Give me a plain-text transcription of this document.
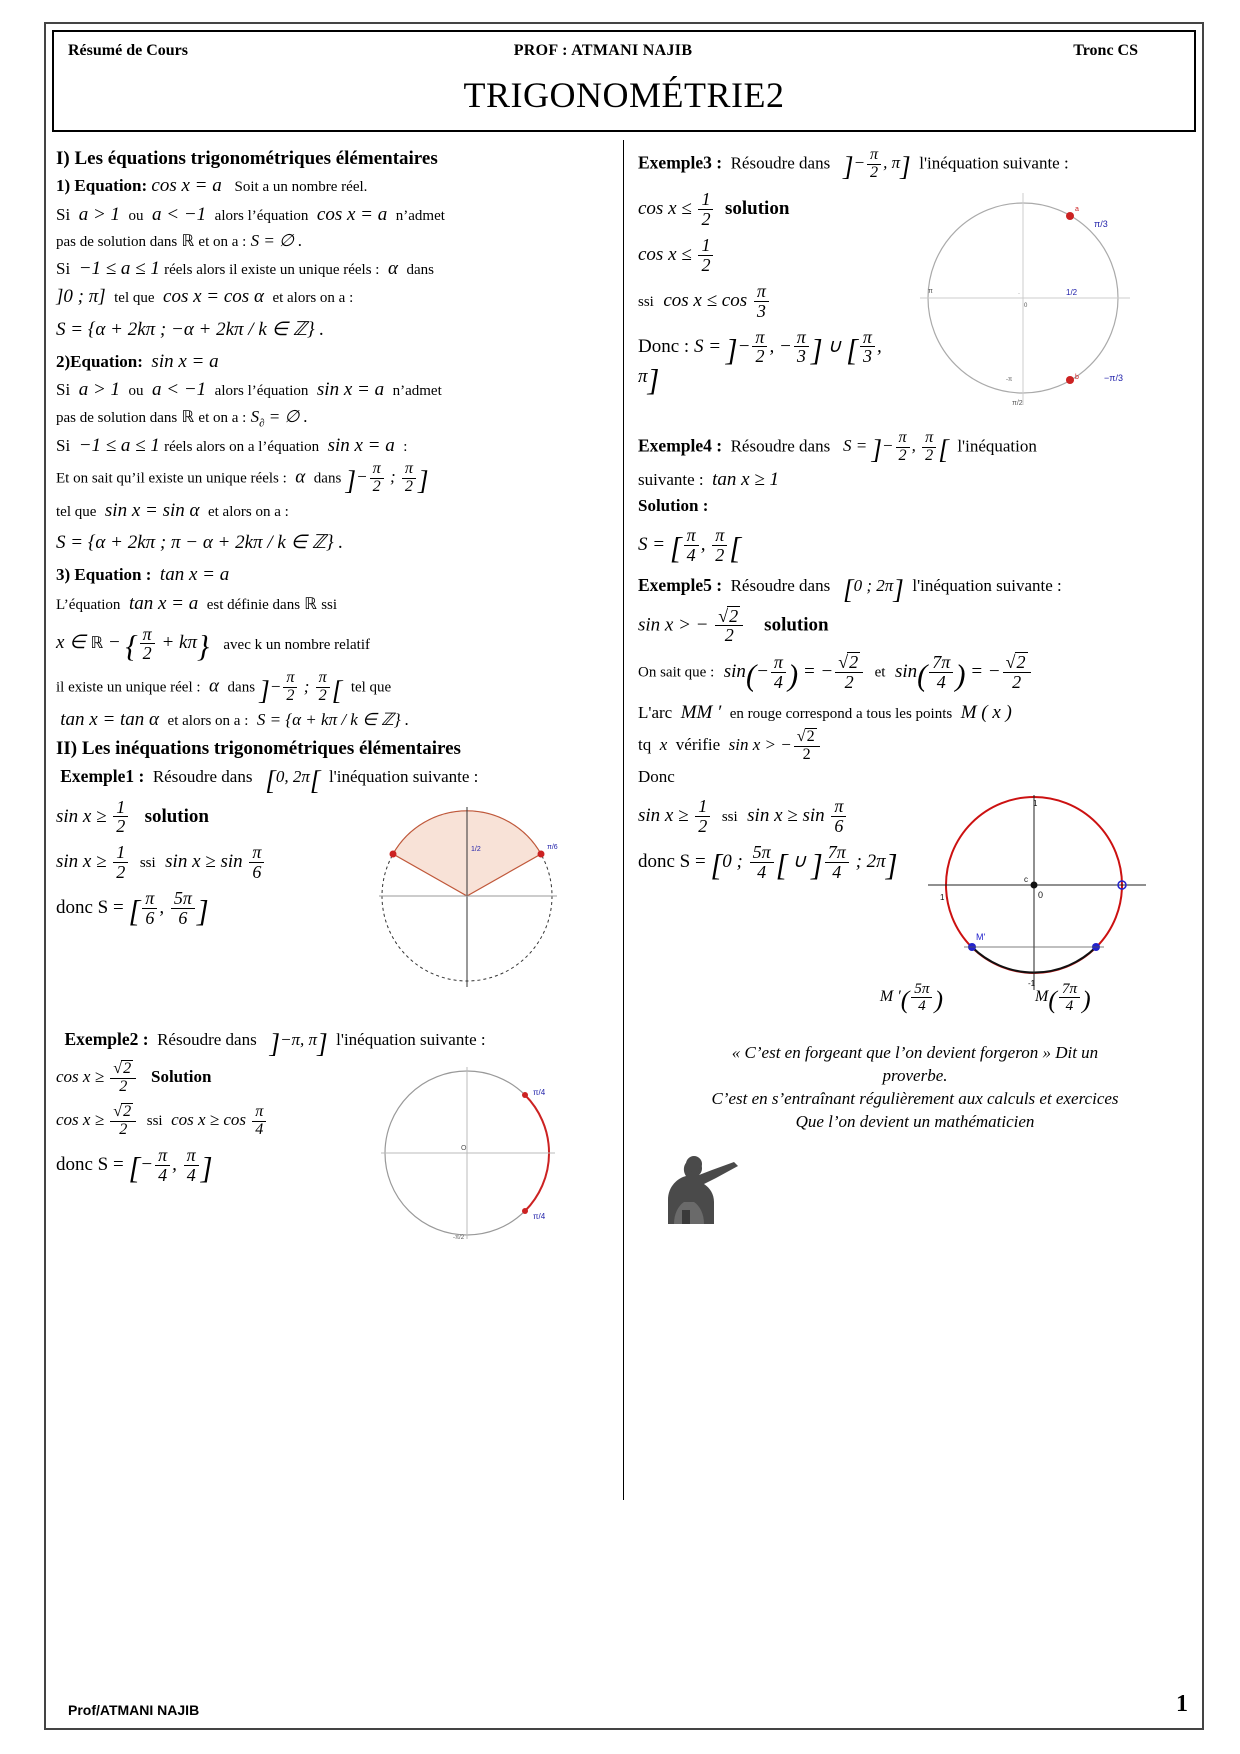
Résumé de Cours	PROF : ATMANI NAJIB	Tronc CS
TRIGONOMÉTRIE2
I) Les équations trigonométriques élémentaires
1) Equation: cos x = a Soit a un nombre réel.
Si a > 1 ou a < −1 alors l’équation cos x = a n’admet
pas de solution dans ℝ et on a : S = ∅ .
Si −1 ≤ a ≤ 1 réels alors il existe un unique réels : α dans
]0 ; π] tel que cos x = cos α et alors on a :
S = {α + 2kπ ; −α + 2kπ / k ∈ ℤ} .
2)Equation: sin x = a
Si a > 1 ou a < −1 alors l’équation sin x = a n’admet
pas de solution dans ℝ et on a : $S_\partial$ = ∅ .
Si −1 ≤ a ≤ 1 réels alors on a l’équation sin x = a :
Et on sait qu’il existe un unique réels : α dans ]− $\frac{\pi}{2}$ ; $\frac{\pi}{2}$ ]
tel que sin x = sin α et alors on a :
S = {α + 2kπ ; π − α + 2kπ / k ∈ ℤ} .
3) Equation : tan x = a
L’équation tan x = a est définie dans ℝ ssi
x ∈ ℝ − { $\frac{\pi}{2} + k\pi$} avec k un nombre relatif
il existe un unique réel : α dans ]− $\frac{\pi}{2}$ ; $\frac{\pi}{2}$ [ tel que
tan x = tan α et alors on a : S = {α + kπ / k ∈ ℤ} .
II) Les inéquations trigonométriques élémentaires
Exemple1 : Résoudre dans [0, 2π[ l'inéquation suivante :
$\sin x \ge \frac{1}{2}$ solution
$\sin x \ge \frac{1}{2}$ ssi $\sin x \ge \sin \frac{\pi}{6}$
donc S = [ $\frac{\pi}{6}$ , $\frac{5\pi}{6}$ ]
π/6
1/2
Exemple2 : Résoudre dans ]−π, π] l'inéquation suivante :
cos x ≥ √ $\frac{2}{2}$ Solution
cos x ≥ √ $\frac{2}{2}$ ssi $\cos x \ge \cos \frac{\pi}{4}$
donc S = [− $\frac{\pi}{4}$ , $\frac{\pi}{4}$ ]
π/4
π/4
O
-π/2
Exemple3 : Résoudre dans ]− $\frac{\pi}{2}$ , π] l'inéquation suivante :
$\cos x \le \frac{1}{2}$ solution
$\cos x \le \frac{1}{2}$
ssi $\cos x \le \cos \frac{\pi}{3}$
Donc : S = ]− $\frac{\pi}{2}$ , − $\frac{\pi}{3}$ ] ∪ [ $\frac{\pi}{3}$ , π]
a
b
π/3
−π/3
1/2
π	·
0
π/2
-π
Exemple4 : Résoudre dans S = ]− $\frac{\pi}{2}$ , $\frac{\pi}{2}$ [ l'inéquation
suivante : tan x ≥ 1
Solution :
S = [ $\frac{\pi}{4}$ , $\frac{\pi}{2}$ [
Exemple5 : Résoudre dans [0 ; 2π] l'inéquation suivante :
sin x > − √ $\frac{2}{2}$ solution
On sait que : $\sin(- \frac{\pi}{4}$ ) = − √ $\frac{2}{2}$ et $\sin( \frac{7\pi}{4}$ ) = − √ $\frac{2}{2}$
L'arc MM ′ en rouge correspond a tous les points M ( x )
tq x vérifie sin x > − √ $\frac{2}{2}$
Donc
$\sin x \ge \frac{1}{2}$ ssi $\sin x \ge \sin \frac{\pi}{6}$
donc S = [0 ; $\frac{5\pi}{4}$ [ ∪ ] $\frac{7\pi}{4}$ ; 2π]	c
0
1
-1
1
M'
M ′( $\frac{5\pi}{4}$ )	$M( \frac{7\pi}{4}$ )
« C’est en forgeant que l’on devient forgeron » Dit un
proverbe.
C’est en s’entraînant régulièrement aux calculs et exercices
Que l’on devient un mathématicien
Prof/ATMANI NAJIB	1
